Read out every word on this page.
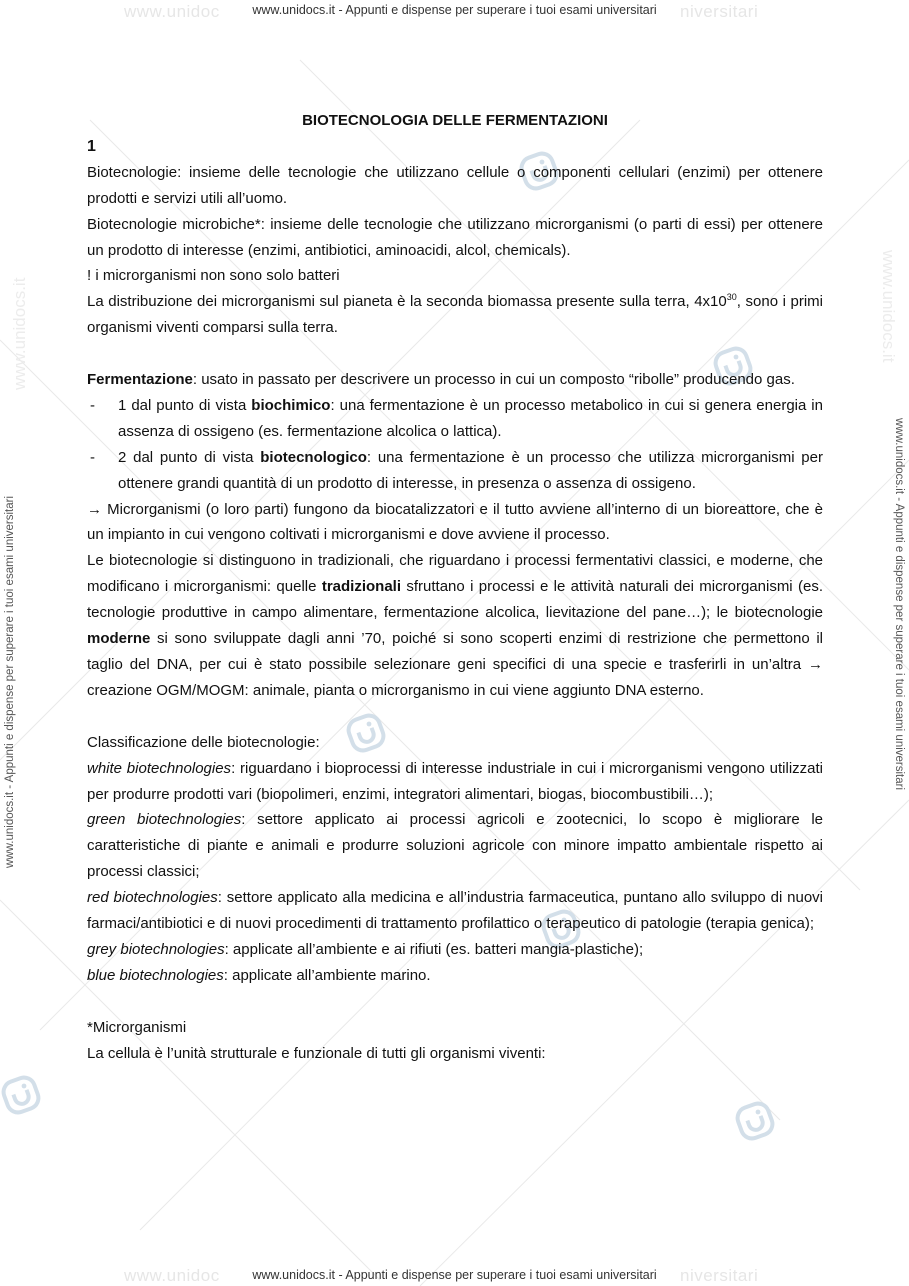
www.unidoc	niversitari
www.unidoc	niversitari
www.unidocs.it	www.unidocs.it
www.unidocs.it - Appunti e dispense per superare i tuoi esami universitari
www.unidocs.it - Appunti e dispense per superare i tuoi esami universitari
www.unidocs.it - Appunti e dispense per superare i tuoi esami universitari	www.unidocs.it - Appunti e dispense per superare i tuoi esami universitari

BIOTECNOLOGIA DELLE FERMENTAZIONI

1

Biotecnologie: insieme delle tecnologie che utilizzano cellule o componenti cellulari (enzimi) per ottenere prodotti e servizi utili all’uomo.

Biotecnologie microbiche*: insieme delle tecnologie che utilizzano microrganismi (o parti di essi) per ottenere un prodotto di interesse (enzimi, antibiotici, aminoacidi, alcol, chemicals).

! i microrganismi non sono solo batteri

La distribuzione dei microrganismi sul pianeta è la seconda biomassa presente sulla terra, $4x10^{30}$, sono i primi organismi viventi comparsi sulla terra.

Fermentazione: usato in passato per descrivere un processo in cui un composto “ribolle” producendo gas.

- 1 dal punto di vista biochimico: una fermentazione è un processo metabolico in cui si genera energia in assenza di ossigeno (es. fermentazione alcolica o lattica).

- 2 dal punto di vista biotecnologico: una fermentazione è un processo che utilizza microrganismi per ottenere grandi quantità di un prodotto di interesse, in presenza o assenza di ossigeno.

→ Microrganismi (o loro parti) fungono da biocatalizzatori e il tutto avviene all’interno di un bioreattore, che è un impianto in cui vengono coltivati i microrganismi e dove avviene il processo.

Le biotecnologie si distinguono in tradizionali, che riguardano i processi fermentativi classici, e moderne, che modificano i microrganismi: quelle tradizionali sfruttano i processi e le attività naturali dei microrganismi (es. tecnologie produttive in campo alimentare, fermentazione alcolica, lievitazione del pane…); le biotecnologie moderne si sono sviluppate dagli anni ’70, poiché si sono scoperti enzimi di restrizione che permettono il taglio del DNA, per cui è stato possibile selezionare geni specifici di una specie e trasferirli in un’altra → creazione OGM/MOGM: animale, pianta o microrganismo in cui viene aggiunto DNA esterno.

Classificazione delle biotecnologie:

white biotechnologies: riguardano i bioprocessi di interesse industriale in cui i microrganismi vengono utilizzati per produrre prodotti vari (biopolimeri, enzimi, integratori alimentari, biogas, biocombustibili…);

green biotechnologies: settore applicato ai processi agricoli e zootecnici, lo scopo è migliorare le caratteristiche di piante e animali e produrre soluzioni agricole con minore impatto ambientale rispetto ai processi classici;

red biotechnologies: settore applicato alla medicina e all’industria farmaceutica, puntano allo sviluppo di nuovi farmaci/antibiotici e di nuovi procedimenti di trattamento profilattico o terapeutico di patologie (terapia genica);

grey biotechnologies: applicate all’ambiente e ai rifiuti (es. batteri mangia-plastiche);

blue biotechnologies: applicate all’ambiente marino.

*Microrganismi

La cellula è l’unità strutturale e funzionale di tutti gli organismi viventi:
